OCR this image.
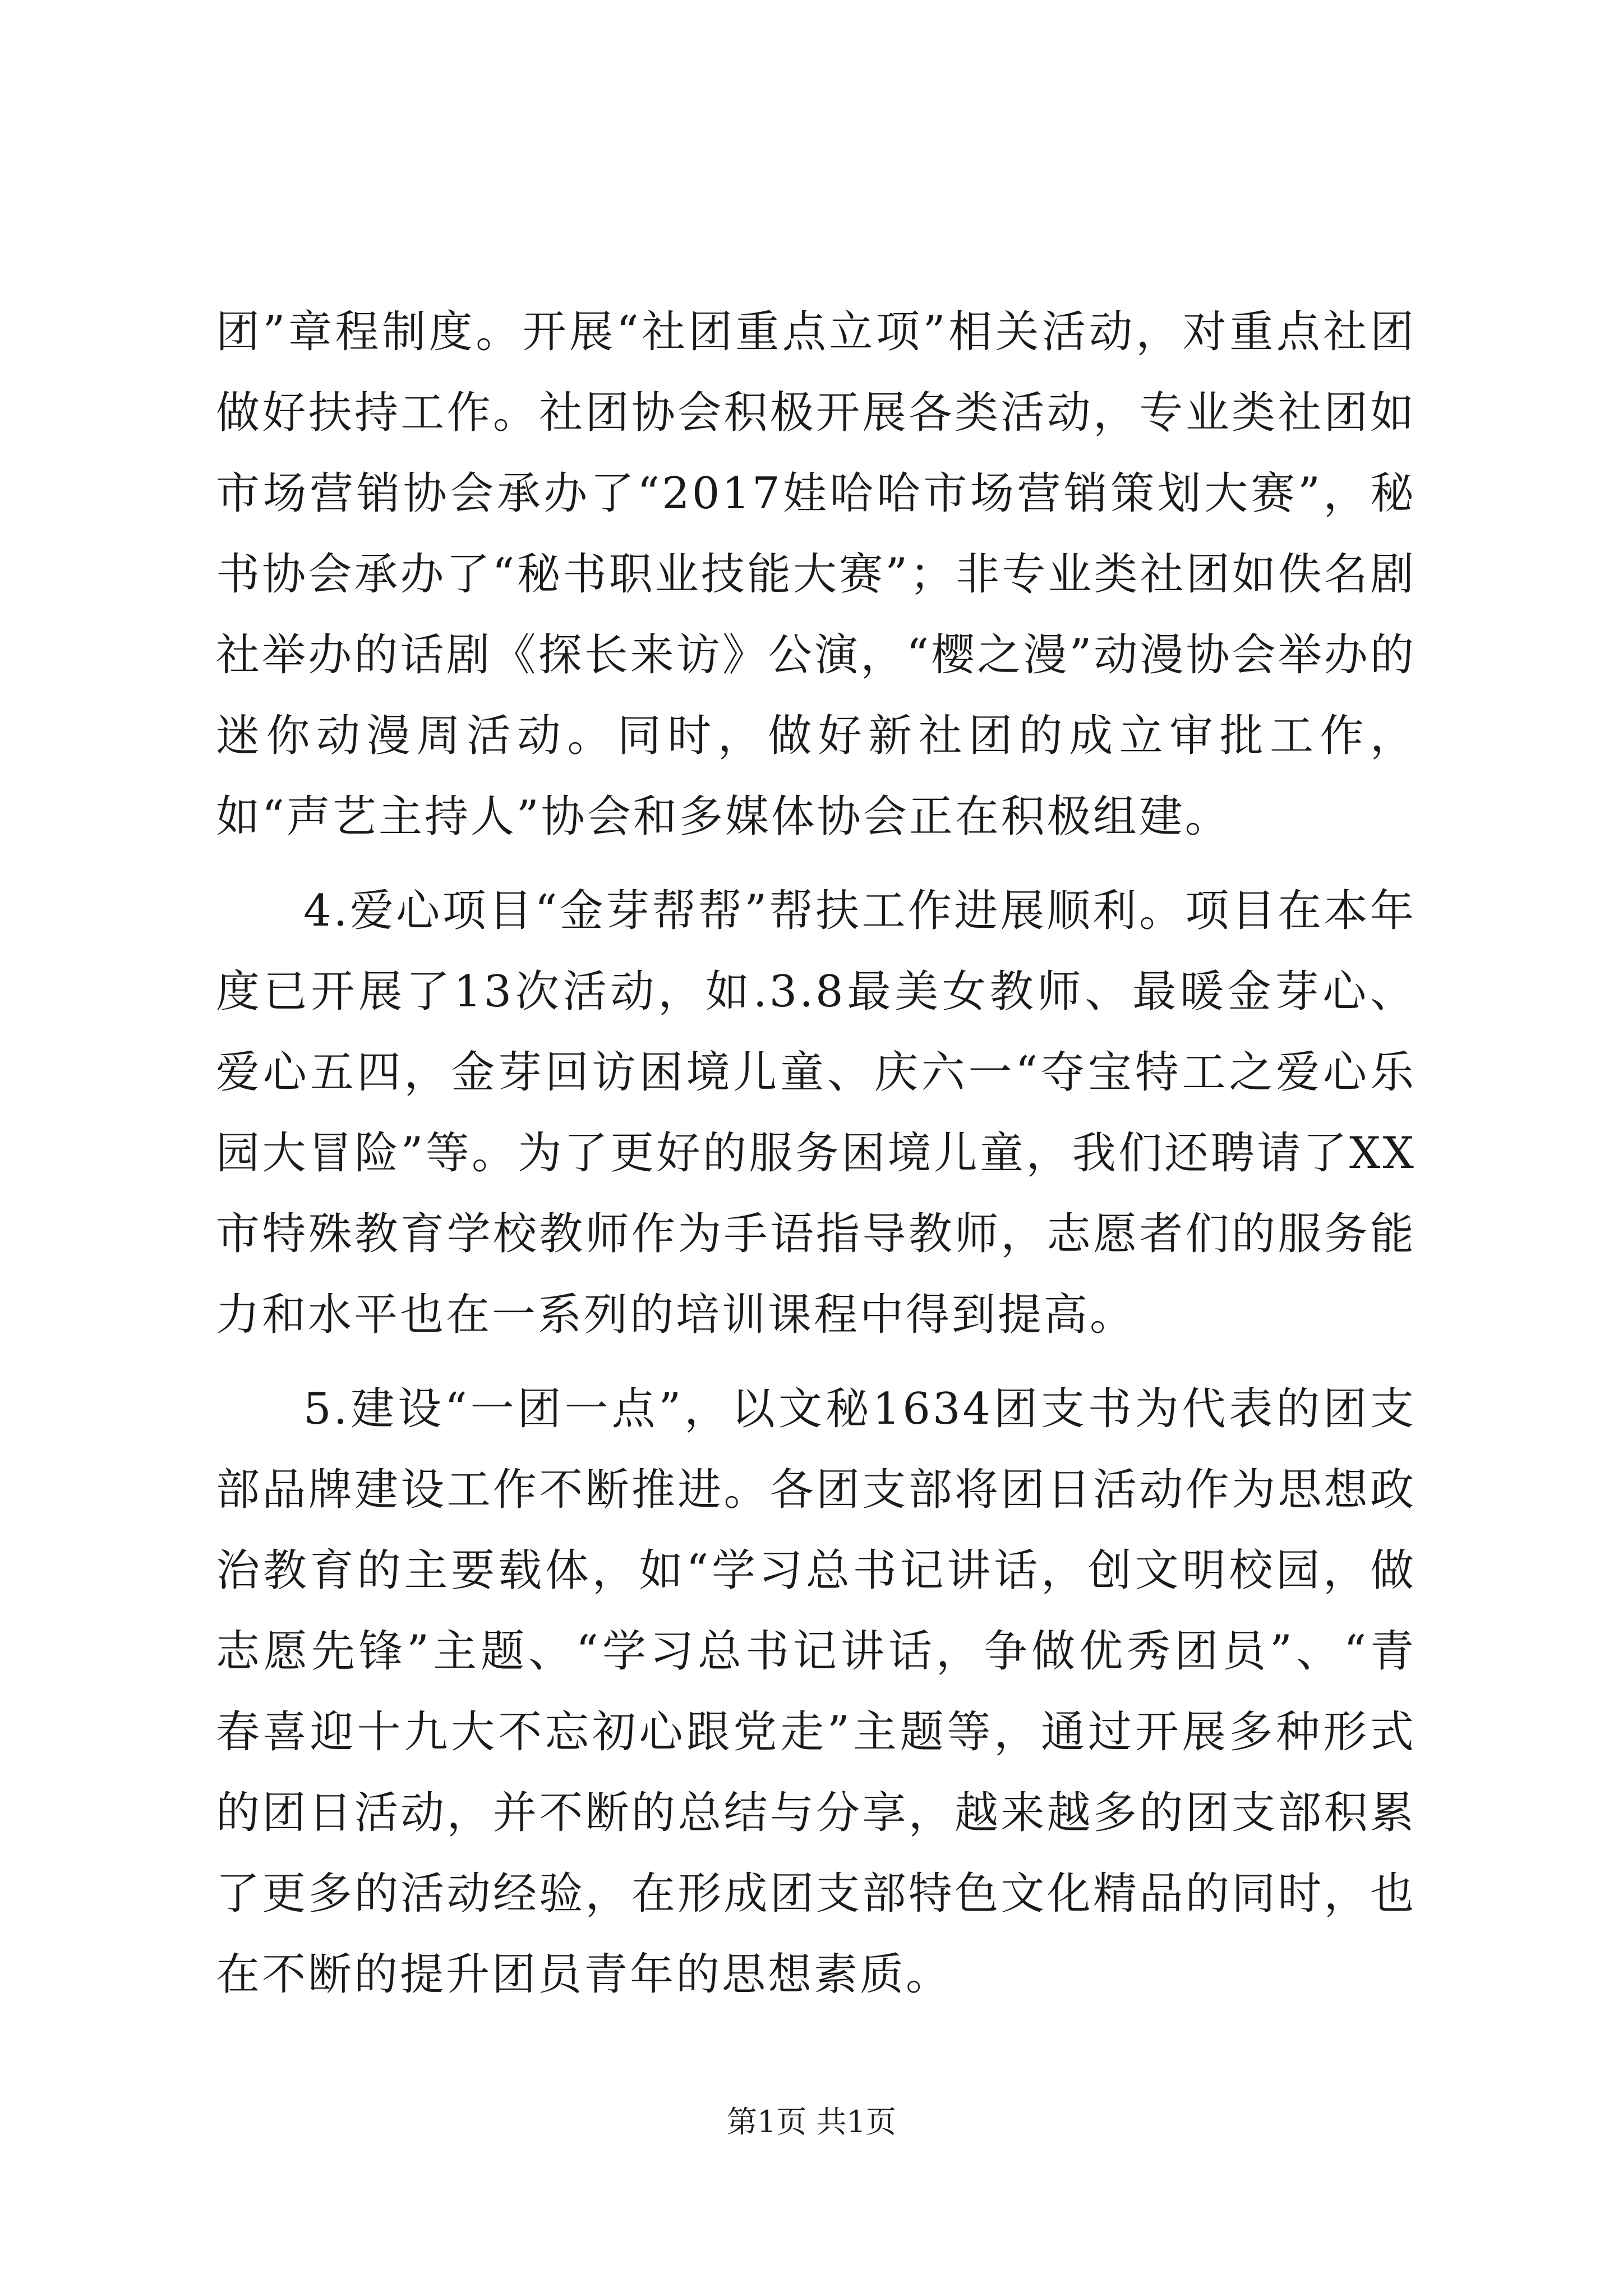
团”章程制度。开展“社团重点立项”相关活动，对重点社团做好扶持工作。社团协会积极开展各类活动，专业类社团如市场营销协会承办了“2017娃哈哈市场营销策划大赛”，秘书协会承办了“秘书职业技能大赛”；非专业类社团如佚名剧社举办的话剧《探长来访》公演，“樱之漫”动漫协会举办的迷你动漫周活动。同时，做好新社团的成立审批工作，如“声艺主持人”协会和多媒体协会正在积极组建。

4.爱心项目“金芽帮帮”帮扶工作进展顺利。项目在本年度已开展了13次活动，如.3.8最美女教师、最暖金芽心、爱心五四，金芽回访困境儿童、庆六一“夺宝特工之爱心乐园大冒险”等。为了更好的服务困境儿童，我们还聘请了XX市特殊教育学校教师作为手语指导教师，志愿者们的服务能力和水平也在一系列的培训课程中得到提高。

5.建设“一团一点”，以文秘1634团支书为代表的团支部品牌建设工作不断推进。各团支部将团日活动作为思想政治教育的主要载体，如“学习总书记讲话，创文明校园，做志愿先锋”主题、“学习总书记讲话，争做优秀团员”、“青春喜迎十九大不忘初心跟党走”主题等，通过开展多种形式的团日活动，并不断的总结与分享，越来越多的团支部积累了更多的活动经验，在形成团支部特色文化精品的同时，也在不断的提升团员青年的思想素质。

第1页 共1页
